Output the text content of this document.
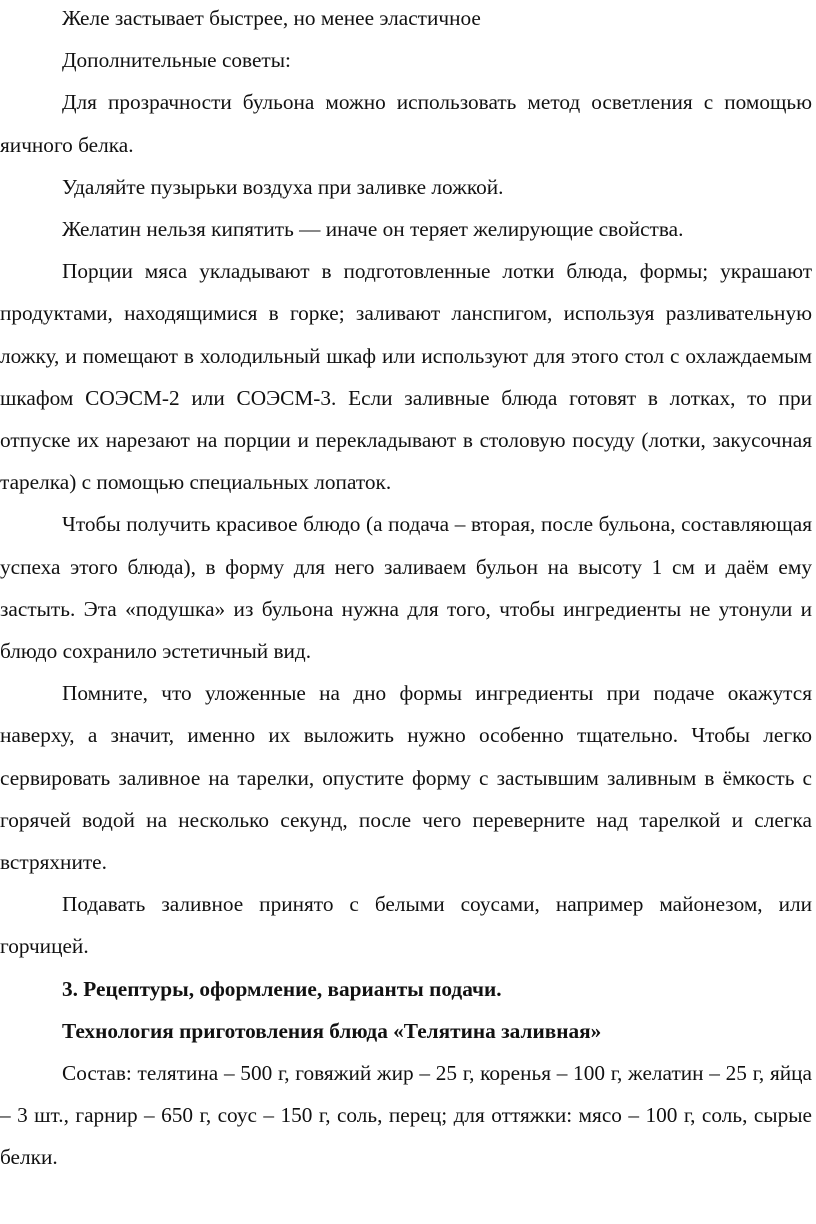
Желе застывает быстрее, но менее эластичное

Дополнительные советы:

Для прозрачности бульона можно использовать метод осветления с помощью яичного белка.

Удаляйте пузырьки воздуха при заливке ложкой.

Желатин нельзя кипятить — иначе он теряет желирующие свойства.

Порции мяса укладывают в подготовленные лотки блюда, формы; украшают продуктами, находящимися в горке; заливают ланспигом, используя разливательную ложку, и помещают в холодильный шкаф или используют для этого стол с охлаждаемым шкафом СОЭСМ-2 или СОЭСМ-3. Если заливные блюда готовят в лотках, то при отпуске их нарезают на порции и перекладывают в столовую посуду (лотки, закусочная тарелка) с помощью специальных лопаток.

Чтобы получить красивое блюдо (а подача – вторая, после бульона, составляющая успеха этого блюда), в форму для него заливаем бульон на высоту 1 см и даём ему застыть. Эта «подушка» из бульона нужна для того, чтобы ингредиенты не утонули и блюдо сохранило эстетичный вид.

Помните, что уложенные на дно формы ингредиенты при подаче окажутся наверху, а значит, именно их выложить нужно особенно тщательно. Чтобы легко сервировать заливное на тарелки, опустите форму с застывшим заливным в ёмкость с горячей водой на несколько секунд, после чего переверните над тарелкой и слегка встряхните.

Подавать заливное принято с белыми соусами, например майонезом, или горчицей.

3. Рецептуры, оформление, варианты подачи.

Технология приготовления блюда «Телятина заливная»

Состав: телятина – 500 г, говяжий жир – 25 г, коренья – 100 г, желатин – 25 г, яйца – 3 шт., гарнир – 650 г, соус – 150 г, соль, перец; для оттяжки: мясо – 100 г, соль, сырые белки.
